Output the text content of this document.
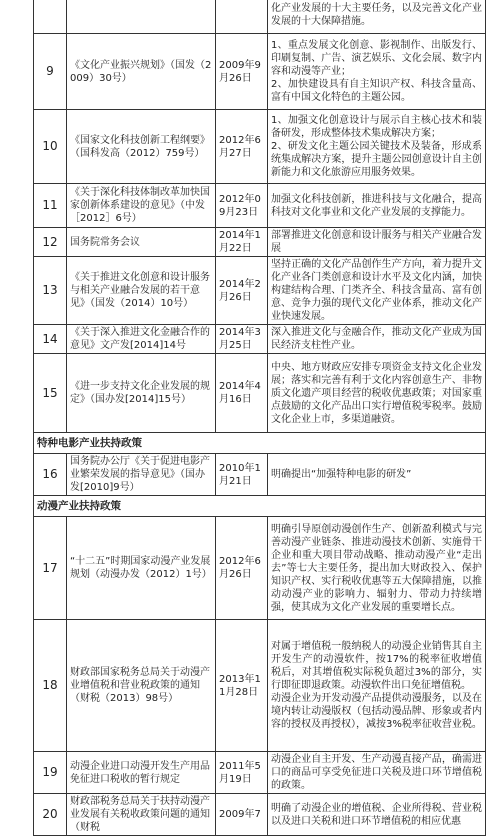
			化产业发展的十大主要任务，以及完善文化产业发展的十大保障措施。
9	《文化产业振兴规划》（国发（2009）30号）	2009年9月26日	1、重点发展文化创意、影视制作、出版发行、印刷复制、广告、演艺娱乐、文化会展、数字内容和动漫等产业；
2、加快建设具有自主知识产权、科技含量高、富有中国文化特色的主题公园。

10	《国家文化科技创新工程纲要》（国科发高（2012）759号）	2012年6月27日	1、加强文化创意设计与展示自主核心技术和装备研发，形成整体技术集成解决方案；
2、研发文化主题公园关键技术及装备，形成系统集成解决方案，提升主题公园创意设计自主创新能力和文化旅游应用服务效果。

11	《关于深化科技体制改革加快国家创新体系建设的意见》（中发［2012］6号）	2012年09月23日	加强文化科技创新，推进科技与文化融合，提高科技对文化事业和文化产业发展的支撑能力。
12	国务院常务会议	2014年1月22日	部署推进文化创意和设计服务与相关产业融合发展
13	《关于推进文化创意和设计服务与相关产业融合发展的若干意见》（国发（2014）10号）	2014年2月26日	坚持正确的文化产品创作生产方向，着力提升文化产业各门类创意和设计水平及文化内涵，加快构建结构合理、门类齐全、科技含量高、富有创意、竞争力强的现代文化产业体系，推动文化产业快速发展。
14	《关于深入推进文化金融合作的意见》文产发[2014]14号	2014年3月25日	深入推进文化与金融合作，推动文化产业成为国民经济支柱性产业。
15	《进一步支持文化企业发展的规定》（国办发[2014]15号）	2014年4月16日	中央、地方财政应安排专项资金支持文化企业发展；落实和完善有利于文化内容创意生产、非物质文化遗产项目经营的税收优惠政策；对国家重点鼓励的文化产品出口实行增值税零税率。鼓励文化企业上市，多渠道融资。
特种电影产业扶持政策			
16	国务院办公厅《关于促进电影产业繁荣发展的指导意见》（国办发[2010]9号）	2010年1月21日	明确提出“加强特种电影的研发”
动漫产业扶持政策			
17	“十二五”时期国家动漫产业发展规划（动漫办发（2012）1号）	2012年6月26日	明确引导原创动漫创作生产、创新盈利模式与完善动漫产业链条、推进动漫技术创新、实施骨干企业和重大项目带动战略、推动动漫产业“走出去”等七大主要任务，提出加大财政投入、保护知识产权、实行税收优惠等五大保障措施，以推动动漫产业的影响力、辐射力、带动力持续增强，使其成为文化产业发展的重要增长点。
18	财政部国家税务总局关于动漫产业增值税和营业税政策的通知（财税（2013）98号）	2013年11月28日	对属于增值税一般纳税人的动漫企业销售其自主开发生产的动漫软件，按17%的税率征收增值税后，对其增值税实际税负超过3%的部分，实行即征即退政策。动漫软件出口免征增值税。
动漫企业为开发动漫产品提供动漫服务，以及在境内转让动漫版权（包括动漫品牌、形象或者内容的授权及再授权），减按3%税率征收营业税。

19	动漫企业进口动漫开发生产用品免征进口税收的暂行规定	2011年5月19日	动漫企业自主开发、生产动漫直接产品，确需进口的商品可享受免征进口关税及进口环节增值税的政策。
20	财政部税务总局关于扶持动漫产业发展有关税收政策问题的通知（财税	2009年7	明确了动漫企业的增值税、企业所得税、营业税以及进口关税和进口环节增值税的相应优惠
